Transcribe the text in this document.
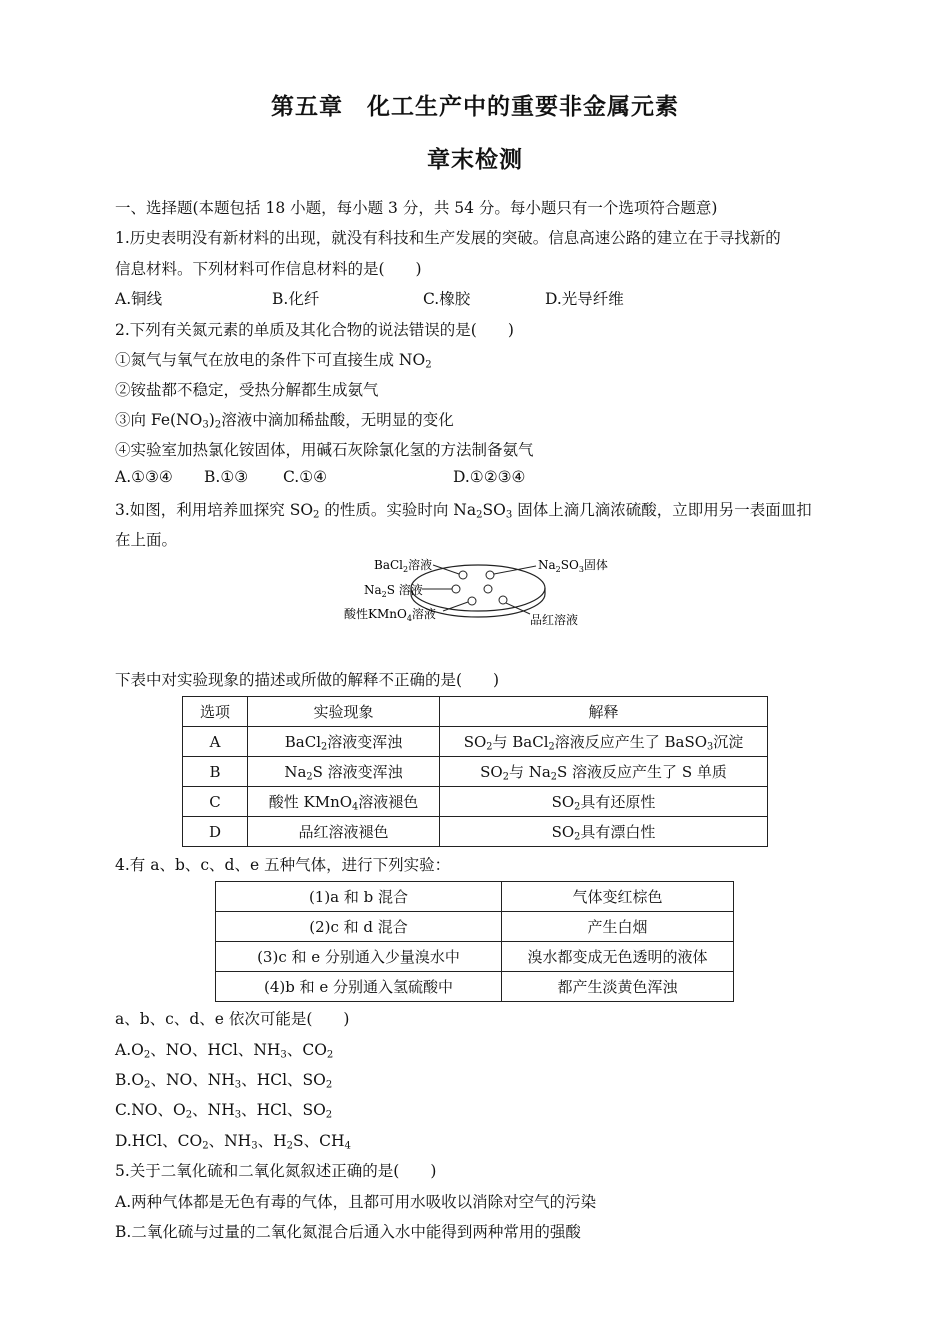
第五章　化工生产中的重要非金属元素
章末检测
一、选择题(本题包括 18 小题，每小题 3 分，共 54 分。每小题只有一个选项符合题意)
1.历史表明没有新材料的出现，就没有科技和生产发展的突破。信息高速公路的建立在于寻找新的
信息材料。下列材料可作信息材料的是(　　)
A.铜线	B.化纤	C.橡胶	D.光导纤维
2.下列有关氮元素的单质及其化合物的说法错误的是(　　)
①氮气与氧气在放电的条件下可直接生成 $NO_2$
②铵盐都不稳定，受热分解都生成氨气
③向 $Fe(NO_3)_2$溶液中滴加稀盐酸，无明显的变化
④实验室加热氯化铵固体，用碱石灰除氯化氢的方法制备氨气
A.①③④ B.①③ C.①④	D.①②③④
3.如图，利用培养皿探究 $SO_2$ 的性质。实验时向 $Na_2SO_3$ 固体上滴几滴浓硫酸，立即用另一表面皿扣
在上面。
BaCl$_2$溶液
$Na_2S$ 溶液
酸性KMnO$_4$溶液
$Na_2SO_3$固体
品红溶液
下表中对实验现象的描述或所做的解释不正确的是(　　)
选项	实验现象	解释
A	BaCl$_2$溶液变浑浊	$SO_2$与 BaCl$_2$溶液反应产生了 BaSO$_3$沉淀
B	$Na_2S$ 溶液变浑浊	$SO_2$与 $Na_2S$ 溶液反应产生了 S 单质
C	酸性 KMnO$_4$溶液褪色	$SO_2$具有还原性
D	品红溶液褪色	$SO_2$具有漂白性
4.有 a、b、c、d、e 五种气体，进行下列实验：
(1)a 和 b 混合	气体变红棕色
(2)c 和 d 混合	产生白烟
(3)c 和 e 分别通入少量溴水中	溴水都变成无色透明的液体
(4)b 和 e 分别通入氢硫酸中	都产生淡黄色浑浊
a、b、c、d、e 依次可能是(　　)
$A.O_2$、NO、HCl、$NH_3$、$CO_2$
$B.O_2$、NO、$NH_3$、HCl、$SO_2$
C.NO、$O_2$、$NH_3$、HCl、$SO_2$
D.HCl、$CO_2$、$NH_3$、$H_2S$、$CH_4$
5.关于二氧化硫和二氧化氮叙述正确的是(　　)
A.两种气体都是无色有毒的气体，且都可用水吸收以消除对空气的污染
B.二氧化硫与过量的二氧化氮混合后通入水中能得到两种常用的强酸
